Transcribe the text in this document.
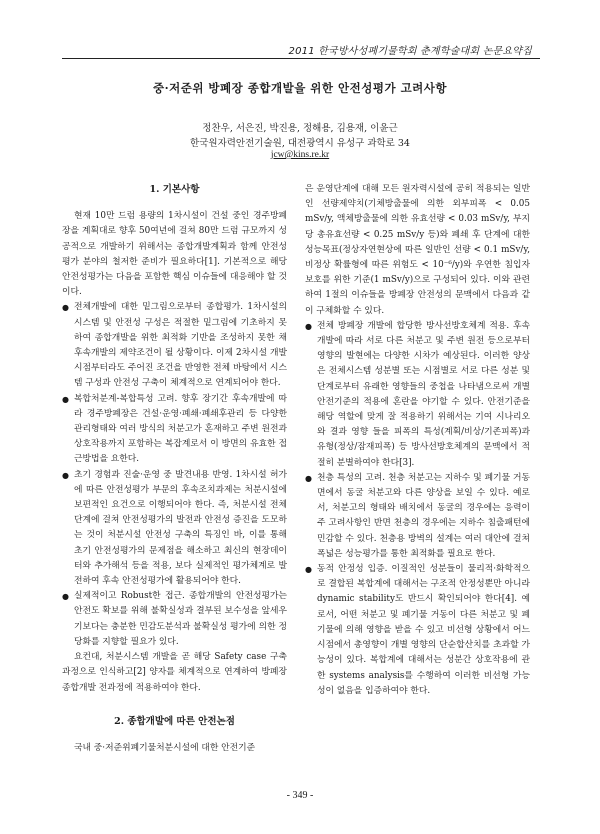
2011 한국방사성폐기물학회 춘계학술대회 논문요약집
중·저준위 방폐장 종합개발을 위한 안전성평가 고려사항
정찬우, 서은진, 박진용, 정해용, 김용재, 이윤근
한국원자력안전기술원, 대전광역시 유성구 과학로 34
jcw@kins.re.kr
1. 기본사항

현재 10만 드럼 용량의 1차시설이 건설 중인 경주방폐장을 계획대로 향후 50여년에 걸쳐 80만 드럼 규모까지 성공적으로 개발하기 위해서는 종합개발계획과 함께 안전성평가 분야의 철저한 준비가 필요하다[1]. 기본적으로 해당 안전성평가는 다음을 포함한 핵심 이슈들에 대응해야 할 것이다.

● 전체개발에 대한 밑그림으로부터 종합평가. 1차시설의 시스템 및 안전성 구성은 적절한 밑그림에 기초하지 못하여 종합개발을 위한 최적화 기반을 조성하지 못한 채 후속개발의 제약조건이 될 상황이다. 이제 2차시설 개발시점부터라도 주어진 조건을 반영한 전체 바탕에서 시스템 구성과 안전성 구축이 체계적으로 연계되어야 한다.
● 복합처분계-복합특성 고려. 향후 장기간 후속개발에 따라 경주방폐장은 건설·운영·폐쇄·폐쇄후관리 등 다양한 관리형태와 여러 방식의 처분고가 혼재하고 주변 원전과 상호작용까지 포함하는 복잡계로서 이 방면의 유효한 접근방법을 요한다.
● 초기 경험과 진술·운영 중 발견내용 반영. 1차시설 허가에 따른 안전성평가 부문의 후속조치과제는 처분시설에 보편적인 요건으로 이행되어야 한다. 즉, 처분시설 전체단계에 걸쳐 안전성평가의 발전과 안전성 증진을 도모하는 것이 처분시설 안전성 구축의 특징인 바, 이를 통해 초기 안전성평가의 문제점을 해소하고 최신의 현장데이터와 추가해석 등을 적용, 보다 실제적인 평가체계로 발전하여 후속 안전성평가에 활용되어야 한다.
● 실제적이고 Robust한 접근. 종합개발의 안전성평가는 안전도 확보를 위해 불확실성과 결부된 보수성을 앞세우기보다는 충분한 민감도분석과 불확실성 평가에 의한 정당화를 지향할 필요가 있다.

요컨대, 처분시스템 개발을 곧 해당 Safety case 구축과정으로 인식하고[2] 양자를 체계적으로 연계하여 방폐장 종합개발 전과정에 적용하여야 한다.

2. 종합개발에 따른 안전논점

국내 중·저준위폐기물처분시설에 대한 안전기준

은 운영단계에 대해 모든 원자력시설에 공히 적용되는 일반인 선량제약치(기체방출물에 의한 외부피폭 < 0.05 mSv/y, 액체방출물에 의한 유효선량 < 0.03 mSv/y, 부지당 총유효선량 < 0.25 mSv/y 등)와 폐쇄 후 단계에 대한 성능목표(정상자연현상에 따른 일반인 선량 < 0.1 mSv/y, 비정상 확률형에 따른 위험도 < 10⁻⁶/y)와 우연한 침입자 보호를 위한 기준(1 mSv/y)으로 구성되어 있다. 이와 관련하여 1절의 이슈들을 방폐장 안전성의 문맥에서 다음과 같이 구체화할 수 있다.

● 전체 방폐장 개발에 합당한 방사선방호체계 적용. 후속개발에 따라 서로 다른 처분고 및 주변 원전 등으로부터 영향의 발현에는 다양한 시차가 예상된다. 이러한 양상은 전체시스템 성분별 또는 시점별로 서로 다른 성분 및 단계로부터 유래한 영향들의 중첩을 나타냄으로써 개별 안전기준의 적용에 혼란을 야기할 수 있다. 안전기준을 해당 역할에 맞게 잘 적용하기 위해서는 기여 시나리오와 결과 영향 들을 피폭의 특성(계획/비상/기존피폭)과 유형(정상/잠재피폭) 등 방사선방호체계의 문맥에서 적절히 분별하여야 한다[3].
● 천층 특성의 고려. 천층 처분고는 지하수 및 폐기물 거동 면에서 동굴 처분고와 다른 양상을 보일 수 있다. 예로서, 처분고의 형태와 배치에서 동굴의 경우에는 응력이 주 고려사항인 반면 천층의 경우에는 지하수 침출패턴에 민감할 수 있다. 천층용 방벽의 설계는 여러 대안에 걸쳐 폭넓은 성능평가를 통한 최적화를 필요로 한다.
● 동적 안정성 입증. 이질적인 성분들이 물리적·화학적으로 결합된 복합계에 대해서는 구조적 안정성뿐만 아니라 dynamic stability도 반드시 확인되어야 한다[4]. 예로서, 어떤 처분고 및 폐기물 거동이 다른 처분고 및 폐기물에 의해 영향을 받을 수 있고 비선형 상황에서 어느 시점에서 총영향이 개별 영향의 단순합산치를 초과할 가능성이 있다. 복합계에 대해서는 성분간 상호작용에 관한 systems analysis를 수행하여 이러한 비선형 가능성이 없음을 입증하여야 한다.
- 349 -
